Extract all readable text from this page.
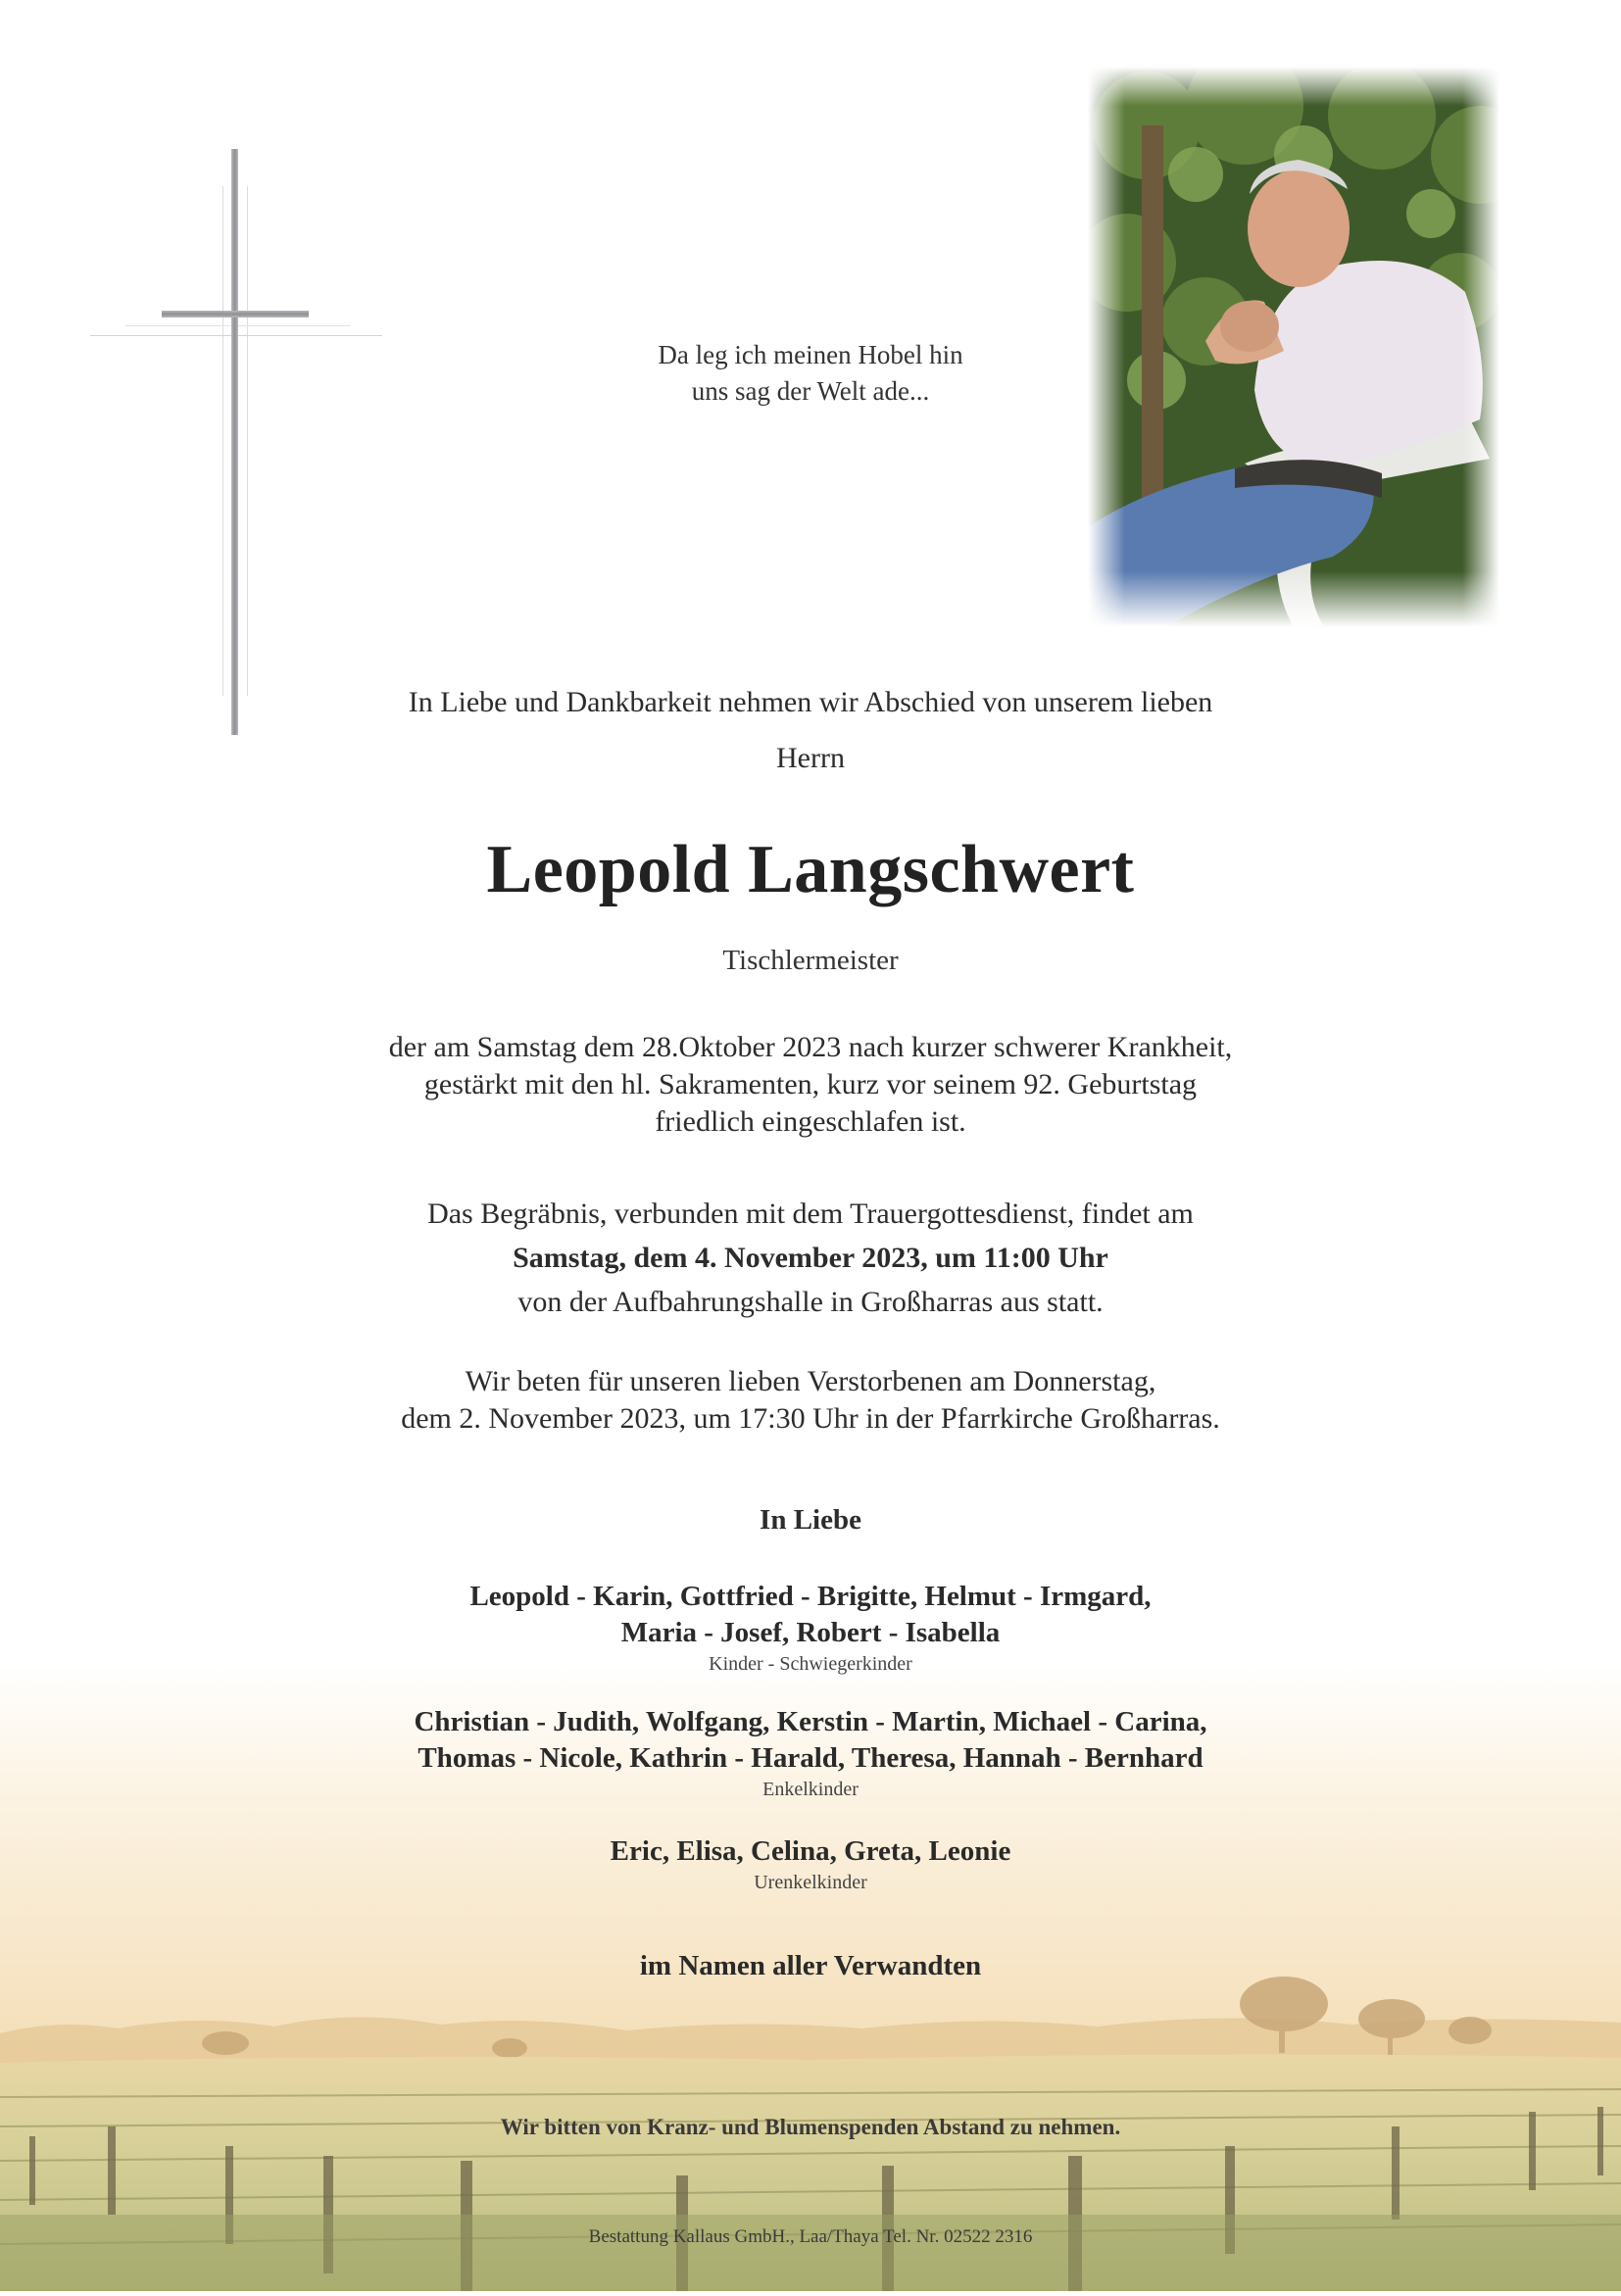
Da leg ich meinen Hobel hin
uns sag der Welt ade...
In Liebe und Dankbarkeit nehmen wir Abschied von unserem lieben
Herrn
Leopold Langschwert
Tischlermeister
der am Samstag dem 28.Oktober 2023 nach kurzer schwerer Krankheit,
gestärkt mit den hl. Sakramenten, kurz vor seinem 92. Geburtstag
friedlich eingeschlafen ist.
Das Begräbnis, verbunden mit dem Trauergottesdienst, findet am
Samstag, dem 4. November 2023, um 11:00 Uhr
von der Aufbahrungshalle in Großharras aus statt.
Wir beten für unseren lieben Verstorbenen am Donnerstag,
dem 2. November 2023, um 17:30 Uhr in der Pfarrkirche Großharras.
In Liebe
Leopold - Karin, Gottfried - Brigitte, Helmut - Irmgard,
Maria - Josef, Robert - Isabella
Kinder - Schwiegerkinder
Christian - Judith, Wolfgang, Kerstin - Martin, Michael - Carina,
Thomas - Nicole, Kathrin - Harald, Theresa, Hannah - Bernhard
Enkelkinder
Eric, Elisa, Celina, Greta, Leonie
Urenkelkinder
im Namen aller Verwandten
Wir bitten von Kranz- und Blumenspenden Abstand zu nehmen.
Bestattung Kallaus GmbH., Laa/Thaya Tel. Nr. 02522 2316
